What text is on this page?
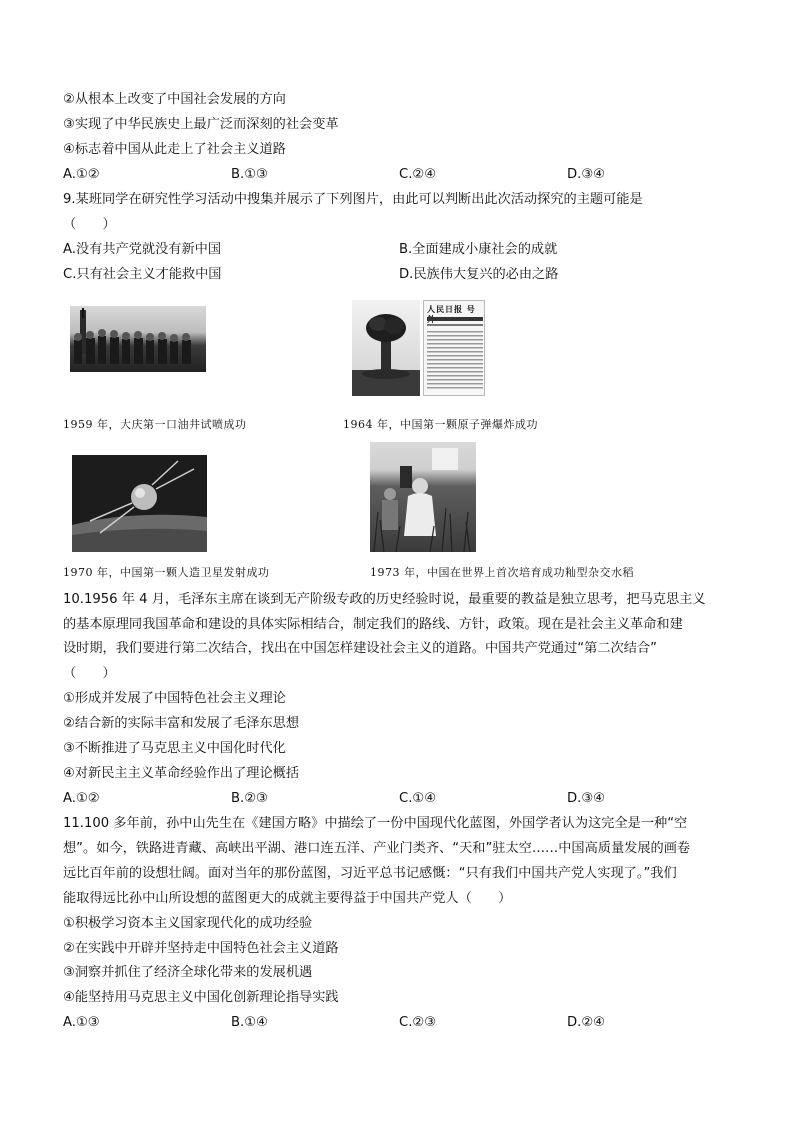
②从根本上改变了中国社会发展的方向
③实现了中华民族史上最广泛而深刻的社会变革
④标志着中国从此走上了社会主义道路
A.①②	B.①③	C.②④	D.③④
9.某班同学在研究性学习活动中搜集并展示了下列图片，由此可以判断出此次活动探究的主题可能是
（　　）
A.没有共产党就没有新中国	B.全面建成小康社会的成就
C.只有社会主义才能救中国	D.民族伟大复兴的必由之路
人民日报 号
1959 年，大庆第一口油井试喷成功	1964 年，中国第一颗原子弹爆炸成功
1970 年，中国第一颗人造卫星发射成功	1973 年，中国在世界上首次培育成功籼型杂交水稻
10.1956 年 4 月，毛泽东主席在谈到无产阶级专政的历史经验时说，最重要的教益是独立思考，把马克思主义
的基本原理同我国革命和建设的具体实际相结合，制定我们的路线、方针，政策。现在是社会主义革命和建
设时期，我们要进行第二次结合，找出在中国怎样建设社会主义的道路。中国共产党通过“第二次结合”
（　　）
①形成并发展了中国特色社会主义理论
②结合新的实际丰富和发展了毛泽东思想
③不断推进了马克思主义中国化时代化
④对新民主主义革命经验作出了理论概括
A.①②	B.②③	C.①④	D.③④
11.100 多年前，孙中山先生在《建国方略》中描绘了一份中国现代化蓝图，外国学者认为这完全是一种“空
想”。如今，铁路进青藏、高峡出平湖、港口连五洋、产业门类齐、“天和”驻太空……中国高质量发展的画卷
远比百年前的设想壮阔。面对当年的那份蓝图，习近平总书记感慨：“只有我们中国共产党人实现了。”我们
能取得远比孙中山所设想的蓝图更大的成就主要得益于中国共产党人（　　）
①积极学习资本主义国家现代化的成功经验
②在实践中开辟并坚持走中国特色社会主义道路
③洞察并抓住了经济全球化带来的发展机遇
④能坚持用马克思主义中国化创新理论指导实践
A.①③	B.①④	C.②③	D.②④
